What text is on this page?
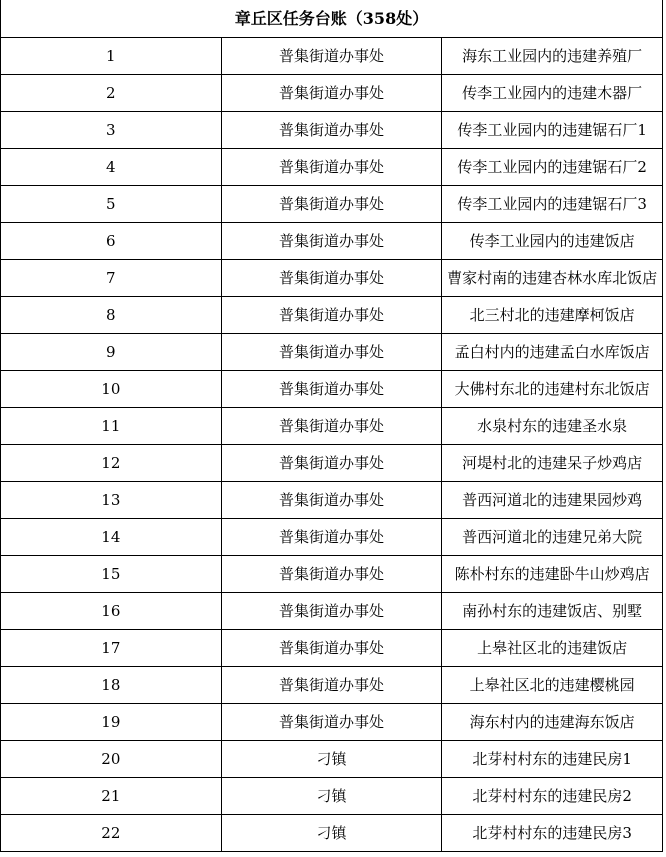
章丘区任务台账（358处）		
1	普集街道办事处	海东工业园内的违建养殖厂
2	普集街道办事处	传李工业园内的违建木器厂
3	普集街道办事处	传李工业园内的违建锯石厂1
4	普集街道办事处	传李工业园内的违建锯石厂2
5	普集街道办事处	传李工业园内的违建锯石厂3
6	普集街道办事处	传李工业园内的违建饭店
7	普集街道办事处	曹家村南的违建杏林水库北饭店
8	普集街道办事处	北三村北的违建摩柯饭店
9	普集街道办事处	孟白村内的违建孟白水库饭店
10	普集街道办事处	大佛村东北的违建村东北饭店
11	普集街道办事处	水泉村东的违建圣水泉
12	普集街道办事处	河堤村北的违建呆子炒鸡店
13	普集街道办事处	普西河道北的违建果园炒鸡
14	普集街道办事处	普西河道北的违建兄弟大院
15	普集街道办事处	陈朴村东的违建卧牛山炒鸡店
16	普集街道办事处	南孙村东的违建饭店、别墅
17	普集街道办事处	上皋社区北的违建饭店
18	普集街道办事处	上皋社区北的违建樱桃园
19	普集街道办事处	海东村内的违建海东饭店
20	刁镇	北芽村村东的违建民房1
21	刁镇	北芽村村东的违建民房2
22	刁镇	北芽村村东的违建民房3
